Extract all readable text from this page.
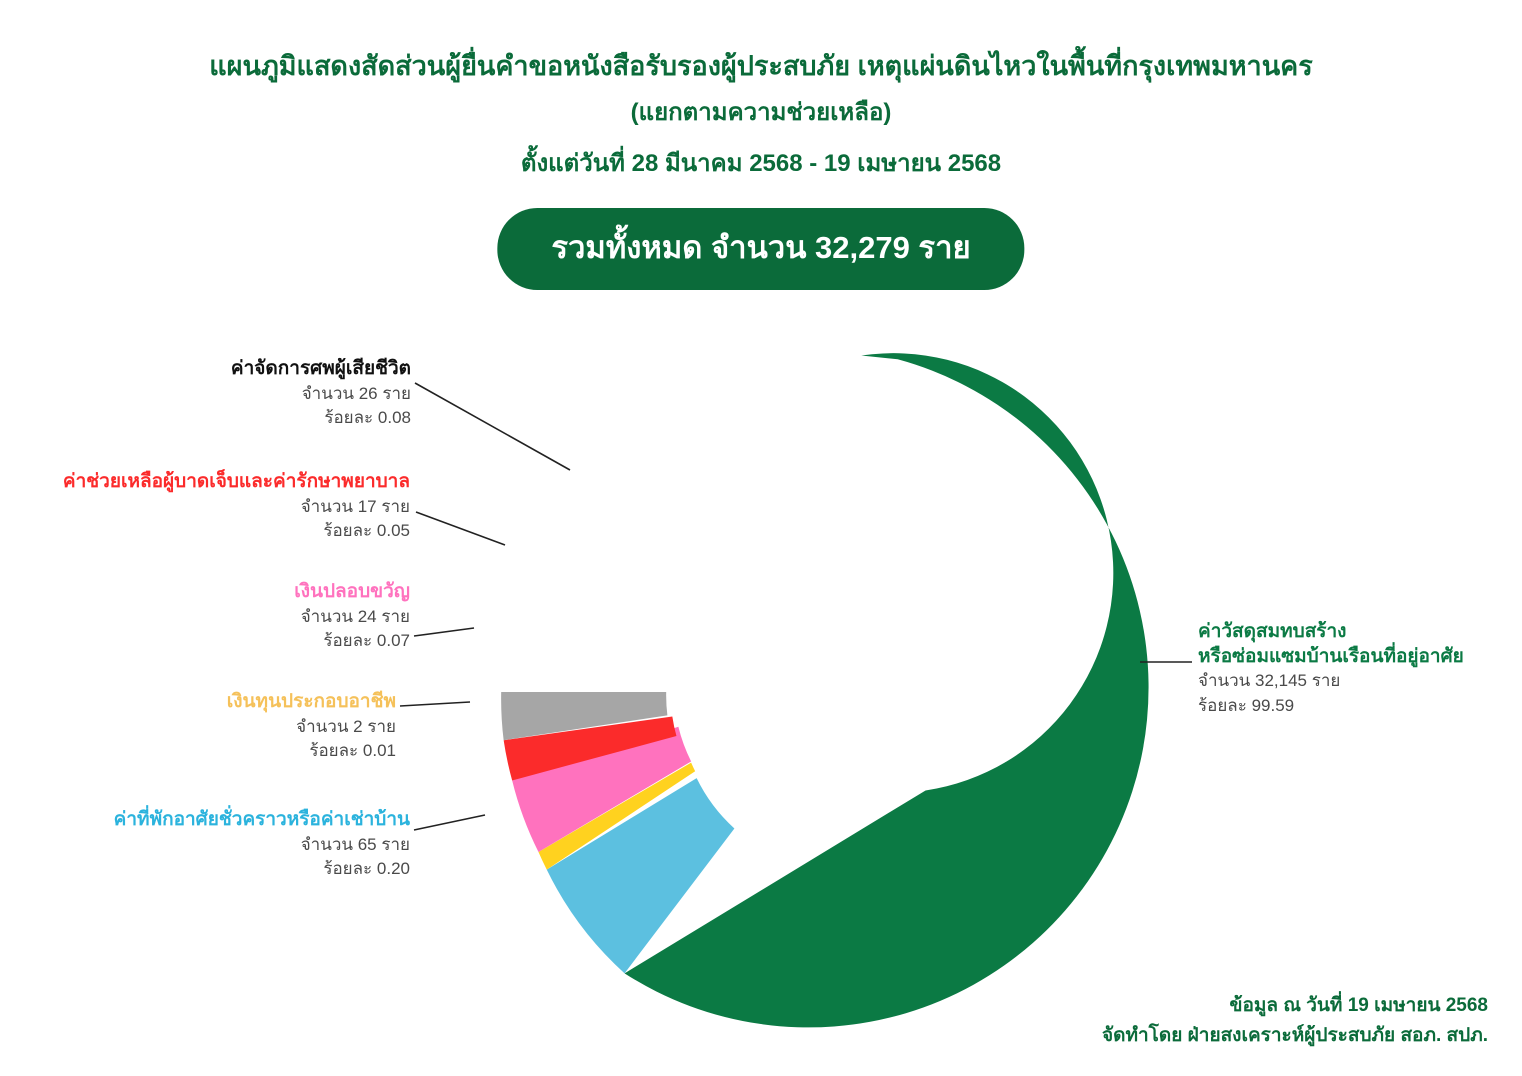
แผนภูมิแสดงสัดส่วนผู้ยื่นคำขอหนังสือรับรองผู้ประสบภัย เหตุแผ่นดินไหวในพื้นที่กรุงเทพมหานคร
(แยกตามความช่วยเหลือ)
ตั้งแต่วันที่ 28 มีนาคม 2568 - 19 เมษายน 2568
รวมทั้งหมด จำนวน 32,279 ราย
ค่าจัดการศพผู้เสียชีวิต
จำนวน 26 ราย
ร้อยละ 0.08
ค่าช่วยเหลือผู้บาดเจ็บและค่ารักษาพยาบาล
จำนวน 17 ราย
ร้อยละ 0.05
เงินปลอบขวัญ
จำนวน 24 ราย
ร้อยละ 0.07
เงินทุนประกอบอาชีพ
จำนวน 2 ราย
ร้อยละ 0.01
ค่าที่พักอาศัยชั่วคราวหรือค่าเช่าบ้าน
จำนวน 65 ราย
ร้อยละ 0.20
ค่าวัสดุสมทบสร้าง
หรือซ่อมแซมบ้านเรือนที่อยู่อาศัย
จำนวน 32,145 ราย
ร้อยละ 99.59
ข้อมูล ณ วันที่ 19 เมษายน 2568
จัดทำโดย ฝ่ายสงเคราะห์ผู้ประสบภัย สอภ. สปภ.
